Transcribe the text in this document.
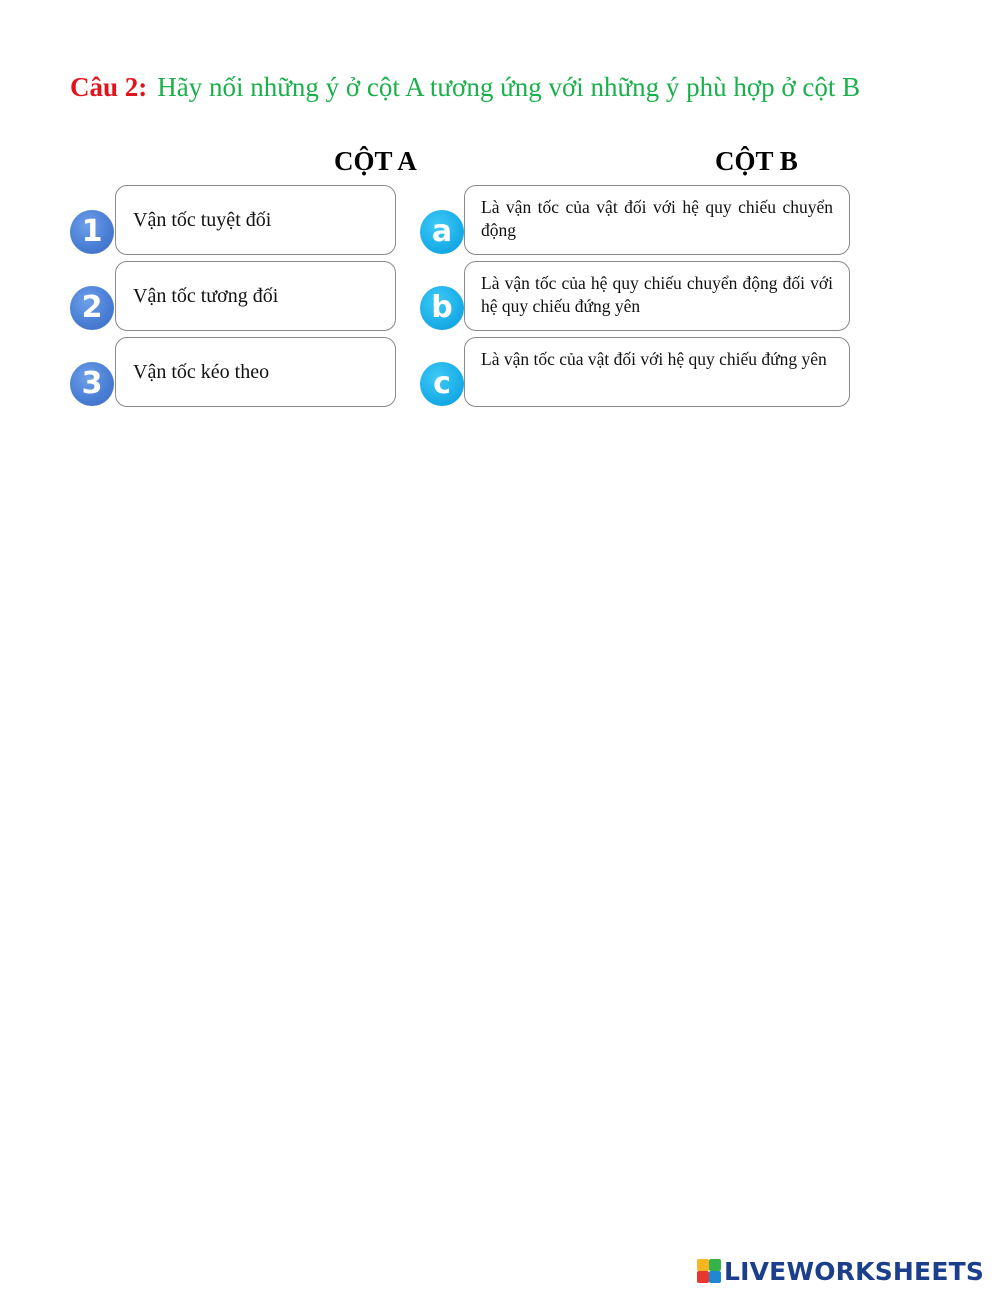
Câu 2: Hãy nối những ý ở cột A tương ứng với những ý phù hợp ở cột B
CỘT A	CỘT B
1	Vận tốc tuyệt đối
2	Vận tốc tương đối
3	Vận tốc kéo theo
a
Là vận tốc của vật đối với hệ quy chiếu chuyển động
b
Là vận tốc của hệ quy chiếu chuyển động đối với hệ quy chiếu đứng yên
c
Là vận tốc của vật đối với hệ quy chiếu đứng yên
LIVEWORKSHEETS
